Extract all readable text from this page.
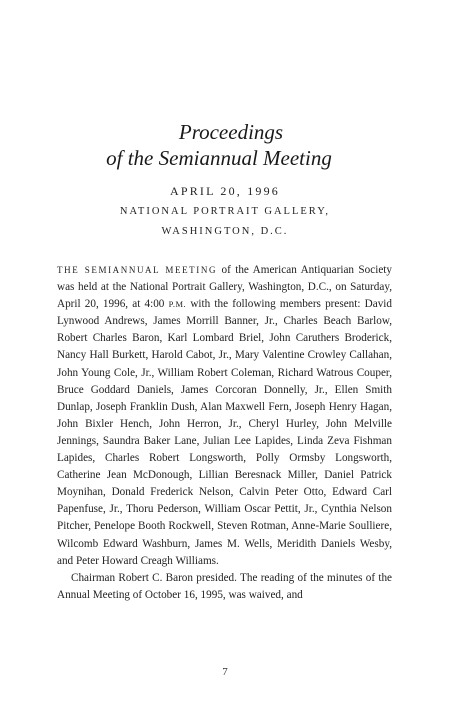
Proceedings
of the Semiannual Meeting
APRIL 20, 1996
NATIONAL PORTRAIT GALLERY,
WASHINGTON, D.C.

THE SEMIANNUAL MEETING of the American Antiquarian Society was held at the National Portrait Gallery, Washington, D.C., on Saturday, April 20, 1996, at 4:00 P.M. with the following members present: David Lynwood Andrews, James Morrill Banner, Jr., Charles Beach Barlow, Robert Charles Baron, Karl Lombard Briel, John Caruthers Broderick, Nancy Hall Burkett, Harold Cabot, Jr., Mary Valentine Crowley Callahan, John Young Cole, Jr., William Robert Coleman, Richard Watrous Couper, Bruce Goddard Daniels, James Corcoran Donnelly, Jr., Ellen Smith Dunlap, Joseph Franklin Dush, Alan Maxwell Fern, Joseph Henry Hagan, John Bixler Hench, John Herron, Jr., Cheryl Hurley, John Melville Jennings, Saundra Baker Lane, Julian Lee Lapides, Linda Zeva Fishman Lapides, Charles Robert Longsworth, Polly Ormsby Longsworth, Catherine Jean McDonough, Lillian Beresnack Miller, Daniel Patrick Moynihan, Donald Frederick Nelson, Calvin Peter Otto, Edward Carl Papenfuse, Jr., Thoru Pederson, William Oscar Pettit, Jr., Cynthia Nelson Pitcher, Penelope Booth Rockwell, Steven Rotman, Anne-Marie Soulliere, Wilcomb Edward Washburn, James M. Wells, Meridith Daniels Wesby, and Peter Howard Creagh Williams.

Chairman Robert C. Baron presided. The reading of the minutes of the Annual Meeting of October 16, 1995, was waived, and

7
